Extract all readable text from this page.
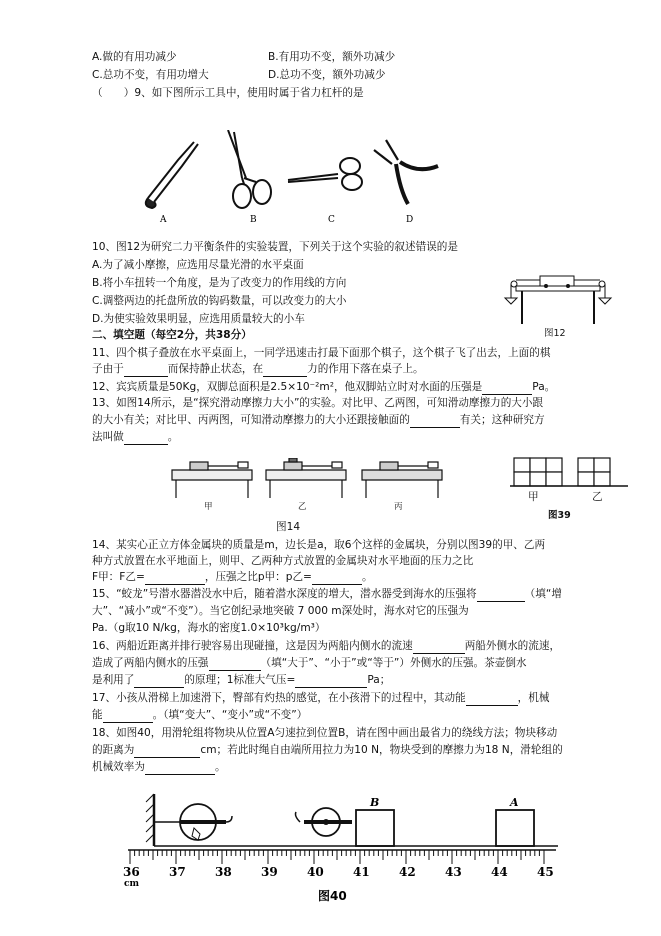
A.做的有用功减少	B.有用功不变，额外功减少
C.总功不变，有用功增大	D.总功不变，额外功减少
（　　）9、如下图所示工具中，使用时属于省力杠杆的是
A	B	C	D
10、图12为研究二力平衡条件的实验装置，下列关于这个实验的叙述错误的是
A.为了减小摩擦，应选用尽量光滑的水平桌面
B.将小车扭转一个角度，是为了改变力的作用线的方向
C.调整两边的托盘所放的钩码数量，可以改变力的大小
D.为使实验效果明显，应选用质量较大的小车
图12
二、填空题（每空2分，共38分）
11、四个棋子叠放在水平桌面上，一同学迅速击打最下面那个棋子，这个棋子飞了出去，上面的棋
子由于	而保持静止状态，在	力的作用下落在桌子上。
12、宾宾质量是50Kg，双脚总面积是2.5×10⁻²m²，他双脚站立时对水面的压强是	Pa。
13、如图14所示，是“探究滑动摩擦力大小”的实验。对比甲、乙两图，可知滑动摩擦力的大小跟
的大小有关；对比甲、丙两图，可知滑动摩擦力的大小还跟接触面的	有关；这种研究方
法叫做	。
甲	乙	丙
图14
甲	乙
图39
14、某实心正立方体金属块的质量是m，边长是a，取6个这样的金属块，分别以图39的甲、乙两
种方式放置在水平地面上，则甲、乙两种方式放置的金属块对水平地面的压力之比
F甲：F乙=	，压强之比p甲：p乙=	。
15、“蛟龙”号潜水器潜没水中后，随着潜水深度的增大，潜水器受到海水的压强将	（填“增
大”、“减小”或“不变”）。当它创纪录地突破 7 000 m深处时，海水对它的压强为
Pa.（g取10 N/kg，海水的密度1.0×10³kg/m³）
16、两船近距离并排行驶容易出现碰撞，这是因为两船内侧水的流速	两船外侧水的流速，
造成了两船内侧水的压强	（填“大于”、“小于”或“等于”）外侧水的压强。茶壶倒水
是利用了	的原理；1标准大气压=	Pa；
17、小孩从滑梯上加速滑下，臀部有灼热的感觉，在小孩滑下的过程中，其动能	，机械
能	。（填“变大”、“变小”或“不变”）
18、如图40，用滑轮组将物块从位置A匀速拉到位置B，请在图中画出最省力的绕线方法；物块移动
的距离为	cm；若此时绳自由端所用拉力为10 N，物块受到的摩擦力为18 N，滑轮组的
机械效率为	。
B	A
36 37 38 39 40 41 42 43 44 45
cm
图40
